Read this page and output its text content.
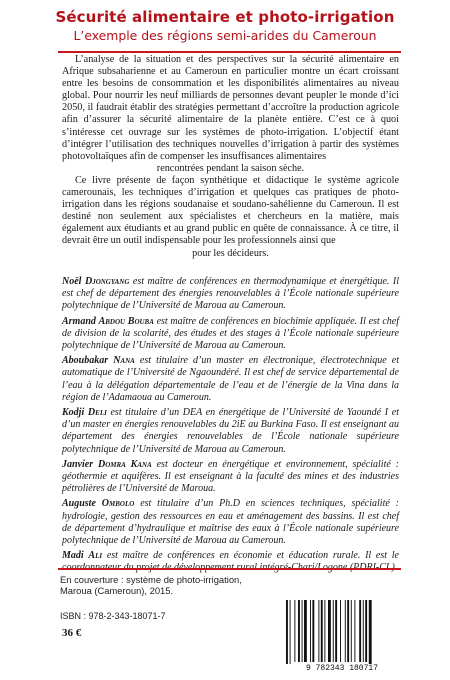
Sécurité alimentaire et photo-irrigation
L’exemple des régions semi-arides du Cameroun

L’analyse de la situation et des perspectives sur la sécurité alimentaire en Afrique subsaharienne et au Cameroun en particulier montre un écart croissant entre les besoins de consommation et les disponibilités alimentaires au niveau global. Pour nourrir les neuf milliards de personnes devant peupler le monde d’ici 2050, il faudrait établir des stratégies permettant d’accroître la production agricole afin d’assurer la sécurité alimentaire de la planète entière. C’est ce à quoi s’intéresse cet ouvrage sur les systèmes de photo-irrigation. L’objectif étant d’intégrer l’utilisation des techniques nouvelles d’irrigation à partir des systèmes photovoltaïques afin de compenser les insuffisances alimentaires

rencontrées pendant la saison sèche.

Ce livre présente de façon synthétique et didactique le système agricole camerounais, les techniques d’irrigation et quelques cas pratiques de photo-irrigation dans les régions soudanaise et soudano-sahélienne du Cameroun. Il est destiné non seulement aux spécialistes et chercheurs en la matière, mais également aux étudiants et au grand public en quête de connaissance. À ce titre, il devrait être un outil indispensable pour les professionnels ainsi que

pour les décideurs.

Noël Djongyang est maître de conférences en thermodynamique et énergétique. Il est chef de département des énergies renouvelables à l’École nationale supérieure polytechnique de l’Université de Maroua au Cameroun.

Armand Abdou Bouba est maître de conférences en biochimie appliquée. Il est chef de division de la scolarité, des études et des stages à l’École nationale supérieure polytechnique de l’Université de Maroua au Cameroun.

Aboubakar Nana est titulaire d’un master en électronique, électrotechnique et automatique de l’Université de Ngaoundéré. Il est chef de service départemental de l’eau à la délégation départementale de l’eau et de l’énergie de la Vina dans la région de l’Adamaoua au Cameroun.

Kodji Deli est titulaire d’un DEA en énergétique de l’Université de Yaoundé I et d’un master en énergies renouvelables du 2iE au Burkina Faso. Il est enseignant au département des énergies renouvelables de l’École nationale supérieure polytechnique de l’Université de Maroua au Cameroun.

Janvier Domra Kana est docteur en énergétique et environnement, spécialité : géothermie et aquifères. Il est enseignant à la faculté des mines et des industries pétrolières de l’Université de Maroua.

Auguste Ombolo est titulaire d’un Ph.D en sciences techniques, spécialité : hydrologie, gestion des ressources en eau et aménagement des bassins. Il est chef de département d’hydraulique et maîtrise des eaux à l’École nationale supérieure polytechnique de l’Université de Maroua au Cameroun.

Madi Ali est maître de conférences en économie et éducation rurale. Il est le

En couverture : système de photo-irrigation,
Maroua (Cameroun), 2015.
ISBN : 978-2-343-18071-7
36 €
9 782343 180717
